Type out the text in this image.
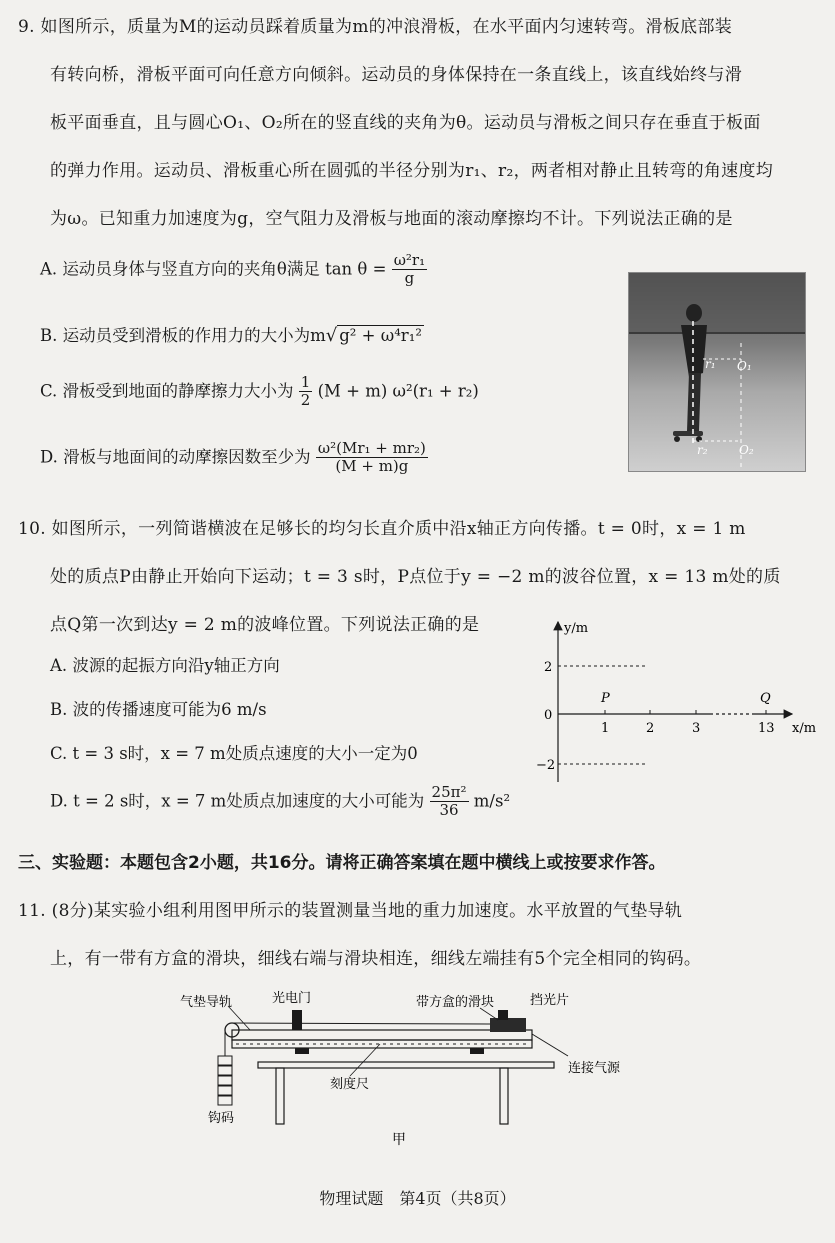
9. 如图所示，质量为M的运动员踩着质量为m的冲浪滑板，在水平面内匀速转弯。滑板底部装
有转向桥，滑板平面可向任意方向倾斜。运动员的身体保持在一条直线上，该直线始终与滑
板平面垂直，且与圆心O₁、O₂所在的竖直线的夹角为θ。运动员与滑板之间只存在垂直于板面
的弹力作用。运动员、滑板重心所在圆弧的半径分别为r₁、r₂，两者相对静止且转弯的角速度均
为ω。已知重力加速度为g，空气阻力及滑板与地面的滚动摩擦均不计。下列说法正确的是
A. 运动员身体与竖直方向的夹角θ满足 $\tan \theta = \frac{\text{ω²r₁}}{g}$
B. 运动员受到滑板的作用力的大小为m√ g² + ω⁴r₁²
C. 滑板受到地面的静摩擦力大小为 $\frac{1}{2} (M + m) \omega^2(r_1 + r_2)$
D. 滑板与地面间的动摩擦因数至少为 $\frac{\text{ω²(Mr₁ + mr₂)}}{(M + m)g}$
r₁ O₁
r₂	O₂
10. 如图所示，一列简谐横波在足够长的均匀长直介质中沿x轴正方向传播。t = 0时，x = 1 m
处的质点P由静止开始向下运动；t = 3 s时，P点位于y = −2 m的波谷位置，x = 13 m处的质
点Q第一次到达y = 2 m的波峰位置。下列说法正确的是
A. 波源的起振方向沿y轴正方向
B. 波的传播速度可能为6 m/s
C. t = 3 s时，x = 7 m处质点速度的大小一定为0
D. t = 2 s时，x = 7 m处质点加速度的大小可能为 $\frac{\text{25π²}}{36} m/s^2$
y/m
x/m
2
0
−2
1	2	3	13
P	Q
三、实验题：本题包含2小题，共16分。请将正确答案填在题中横线上或按要求作答。
11. (8分)某实验小组利用图甲所示的装置测量当地的重力加速度。水平放置的气垫导轨
上，有一带有方盒的滑块，细线右端与滑块相连，细线左端挂有5个完全相同的钩码。
气垫导轨	光电门	带方盒的滑块	挡光片
连接气源
刻度尺
钩码
甲
物理试题　第4页（共8页）
